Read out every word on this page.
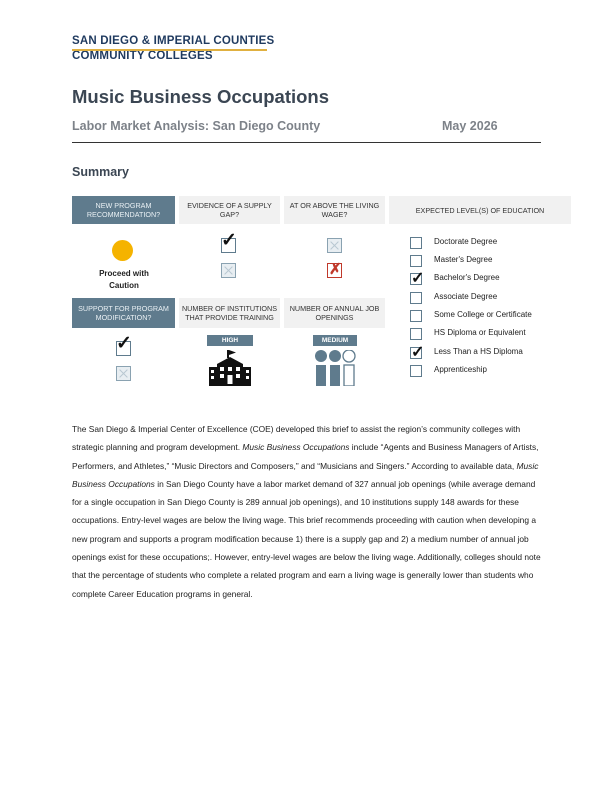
SAN DIEGO & IMPERIAL COUNTIES
COMMUNITY COLLEGES
Music Business Occupations
Labor Market Analysis: San Diego County	May 2026
Summary
NEW PROGRAM RECOMMENDATION?
EVIDENCE OF A SUPPLY GAP?
AT OR ABOVE THE LIVING WAGE?	EXPECTED LEVEL(S) OF EDUCATION
Proceed with Caution
✓
✗
Doctorate Degree
Master's Degree
✓ Bachelor's Degree
Associate Degree
Some College or Certificate
HS Diploma or Equivalent
✓ Less Than a HS Diploma
Apprenticeship
SUPPORT FOR PROGRAM MODIFICATION?
NUMBER OF INSTITUTIONS THAT PROVIDE TRAINING
NUMBER OF ANNUAL JOB OPENINGS
✓	HIGH	MEDIUM
The San Diego & Imperial Center of Excellence (COE) developed this brief to assist the region’s community colleges with strategic planning and program development. Music Business Occupations include “Agents and Business Managers of Artists, Performers, and Athletes,” “Music Directors and Composers,” and “Musicians and Singers.” According to available data, Music Business Occupations in San Diego County have a labor market demand of 327 annual job openings (while average demand for a single occupation in San Diego County is 289 annual job openings), and 10 institutions supply 148 awards for these occupations. Entry-level wages are below the living wage. This brief recommends proceeding with caution when developing a new program and supports a program modification because 1) there is a supply gap and 2) a medium number of annual job openings exist for these occupations;. However, entry-level wages are below the living wage. Additionally, colleges should note that the percentage of students who complete a related program and earn a living wage is generally lower than students who complete Career Education programs in general.
